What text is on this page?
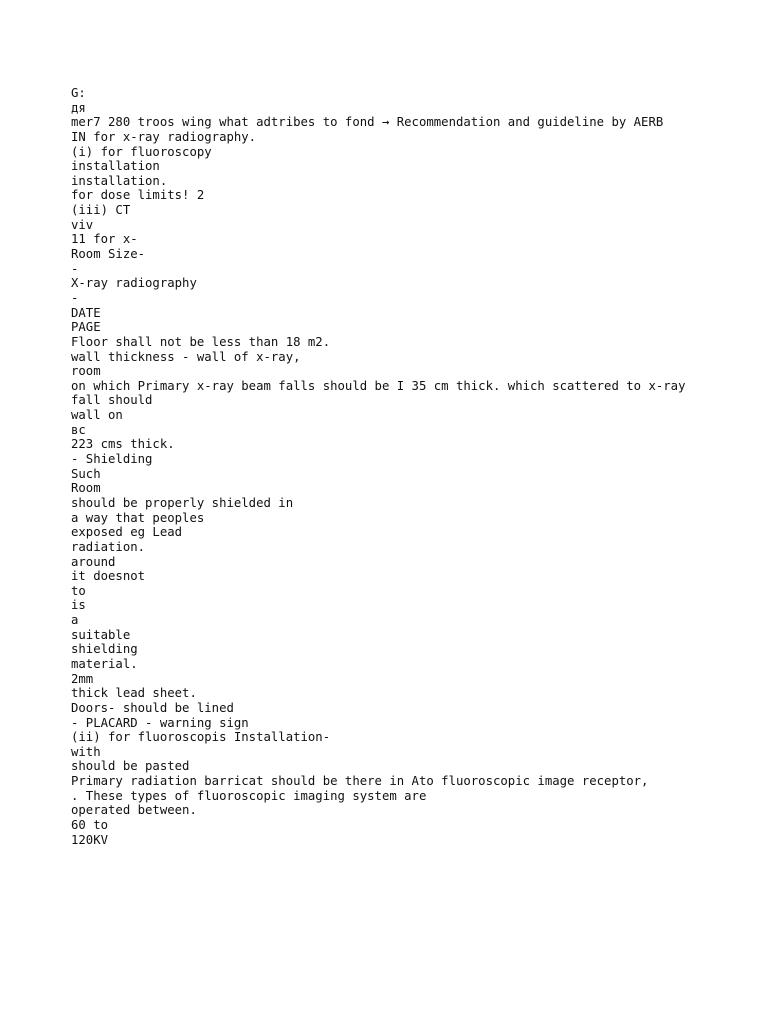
G:
дя
mer7 280 troos wing what adtribes to fond → Recommendation and guideline by AERB
IN for x-ray radiography.
(i) for fluoroscopy
installation
installation.
for dose limits! 2
(iii) CT
viv
11 for x-
Room Size-
-
X-ray radiography
-
DATE
PAGE
Floor shall not be less than 18 m2.
wall thickness - wall of x-ray,
room
on which Primary x-ray beam falls should be I 35 cm thick. which scattered to x-ray
fall should
wall on
вс
223 cms thick.
- Shielding
Such
Room
should be properly shielded in
a way that peoples
exposed eg Lead
radiation.
around
it doesnot
to
is
a
suitable
shielding
material.
2mm
thick lead sheet.
Doors- should be lined
- PLACARD - warning sign
(ii) for fluoroscopis Installation-
with
should be pasted
Primary radiation barricat should be there in Ato fluoroscopic image receptor,
. These types of fluoroscopic imaging system are
operated between.
60 to
120KV
